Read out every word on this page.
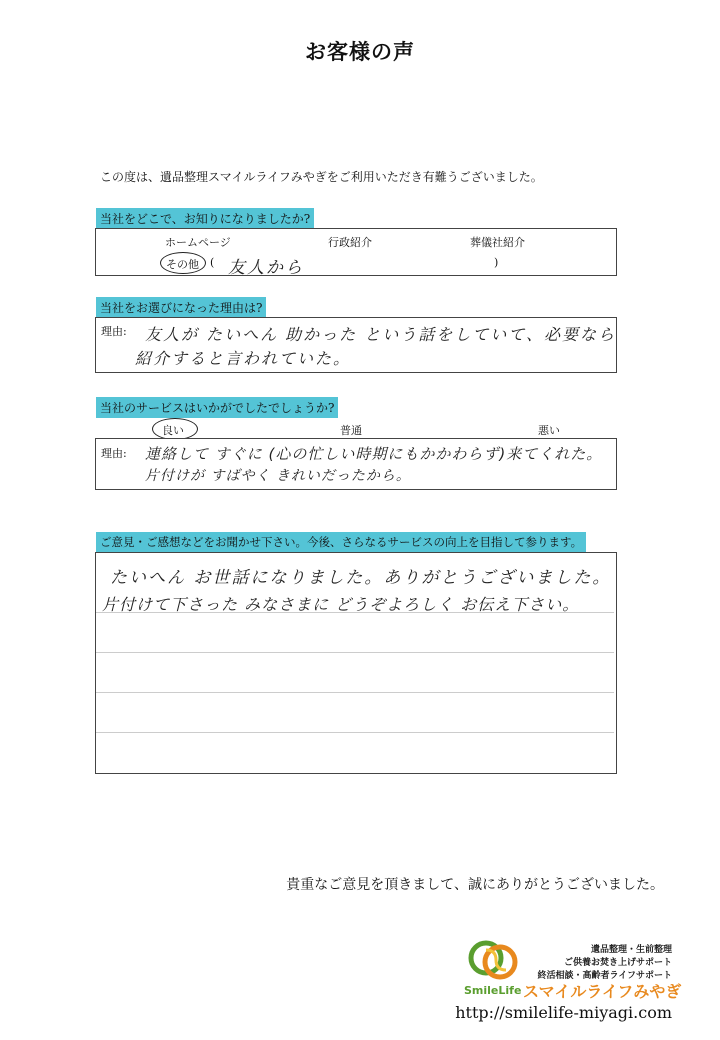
お客様の声
この度は、遺品整理スマイルライフみやぎをご利用いただき有難うございました。
当社をどこで、お知りになりましたか?
ホームページ	行政紹介	葬儀社紹介
その他 ( 友人から	)
当社をお選びになった理由は?
理由: 友人が たいへん 助かった という話をしていて、必要なら
紹介すると言われていた。
当社のサービスはいかがでしたでしょうか?
良い	普通	悪い
理由: 連絡して すぐに (心の忙しい時期にもかかわらず)来てくれた。
片付けが すばやく きれいだったから。
ご意見・ご感想などをお聞かせ下さい。今後、さらなるサービスの向上を目指して参ります。
たいへん お世話になりました。ありがとうございました。
片付けて下さった みなさまに どうぞよろしく お伝え下さい。
貴重なご意見を頂きまして、誠にありがとうございました。
遺品整理・生前整理
ご供養お焚き上げサポート
終活相談・高齢者ライフサポート
SmileLife スマイルライフみやぎ
http://smilelife-miyagi.com
